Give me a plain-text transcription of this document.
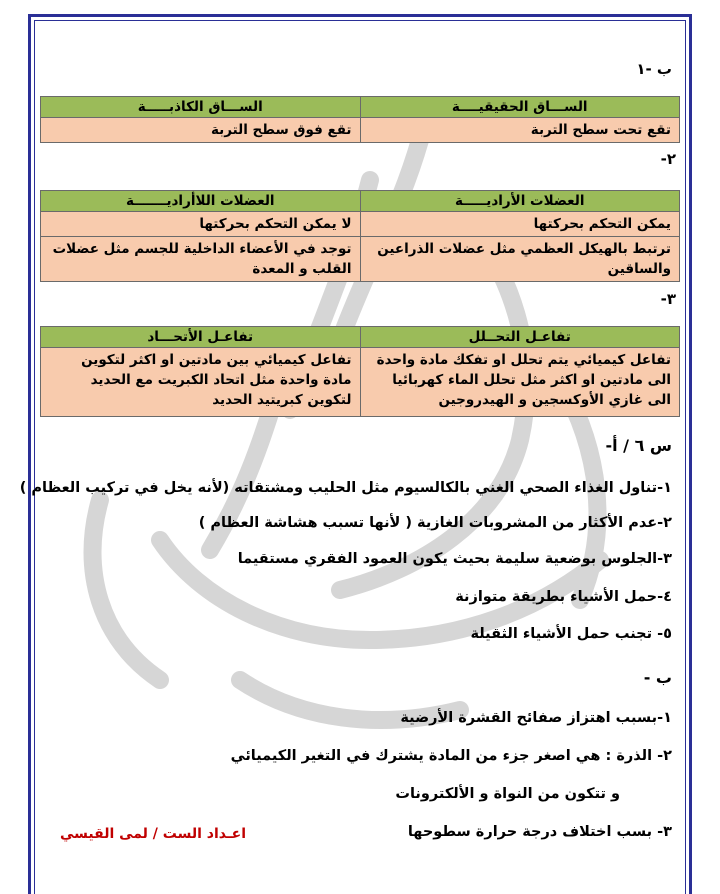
ب -١
الســـاق الحقيقيــــة	الســـاق الكاذبـــــة
تقع تحت سطح التربة	تقع فوق سطح التربة
٢-
العضلات الأراديـــــة	العضلات اللاأراديـــــــة
يمكن التحكم بحركتها	لا يمكن التحكم بحركتها
ترتبط بالهيكل العظمي مثل عضلات الذراعين والساقين	توجد في الأعضاء الداخلية للجسم مثل عضلات القلب و المعدة
٣-
تفاعـل التحــلل	تفاعـل الأتحـــاد
تفاعل كيميائي يتم تحلل او تفكك مادة واحدة الى مادتين او اكثر مثل تحلل الماء كهربائيا الى غازي الأوكسجين و الهيدروجين	تفاعل كيميائي بين مادتين او اكثر لتكوين مادة واحدة مثل اتحاد الكبريت مع الحديد لتكوين كبريتيد الحديد
س ٦ / أ-
١-تناول الغذاء الصحي الغني بالكالسيوم مثل الحليب ومشتقاته (لأنه يخل في تركيب العظام )
٢-عدم الأكثار من المشروبات الغازية ( لأنها تسبب هشاشة العظام )
٣-الجلوس بوضعية سليمة بحيث يكون العمود الفقري مستقيما
٤-حمل الأشياء بطريقة متوازنة
٥- تجنب حمل الأشياء الثقيلة
ب -
١-بسبب اهتزاز صفائح القشرة الأرضية
٢- الذرة : هي اصغر جزء من المادة يشترك في التغير الكيميائي
و تتكون من النواة و الألكترونات
٣- بسب اختلاف درجة حرارة سطوحها
اعـداد الست / لمى القيسي
